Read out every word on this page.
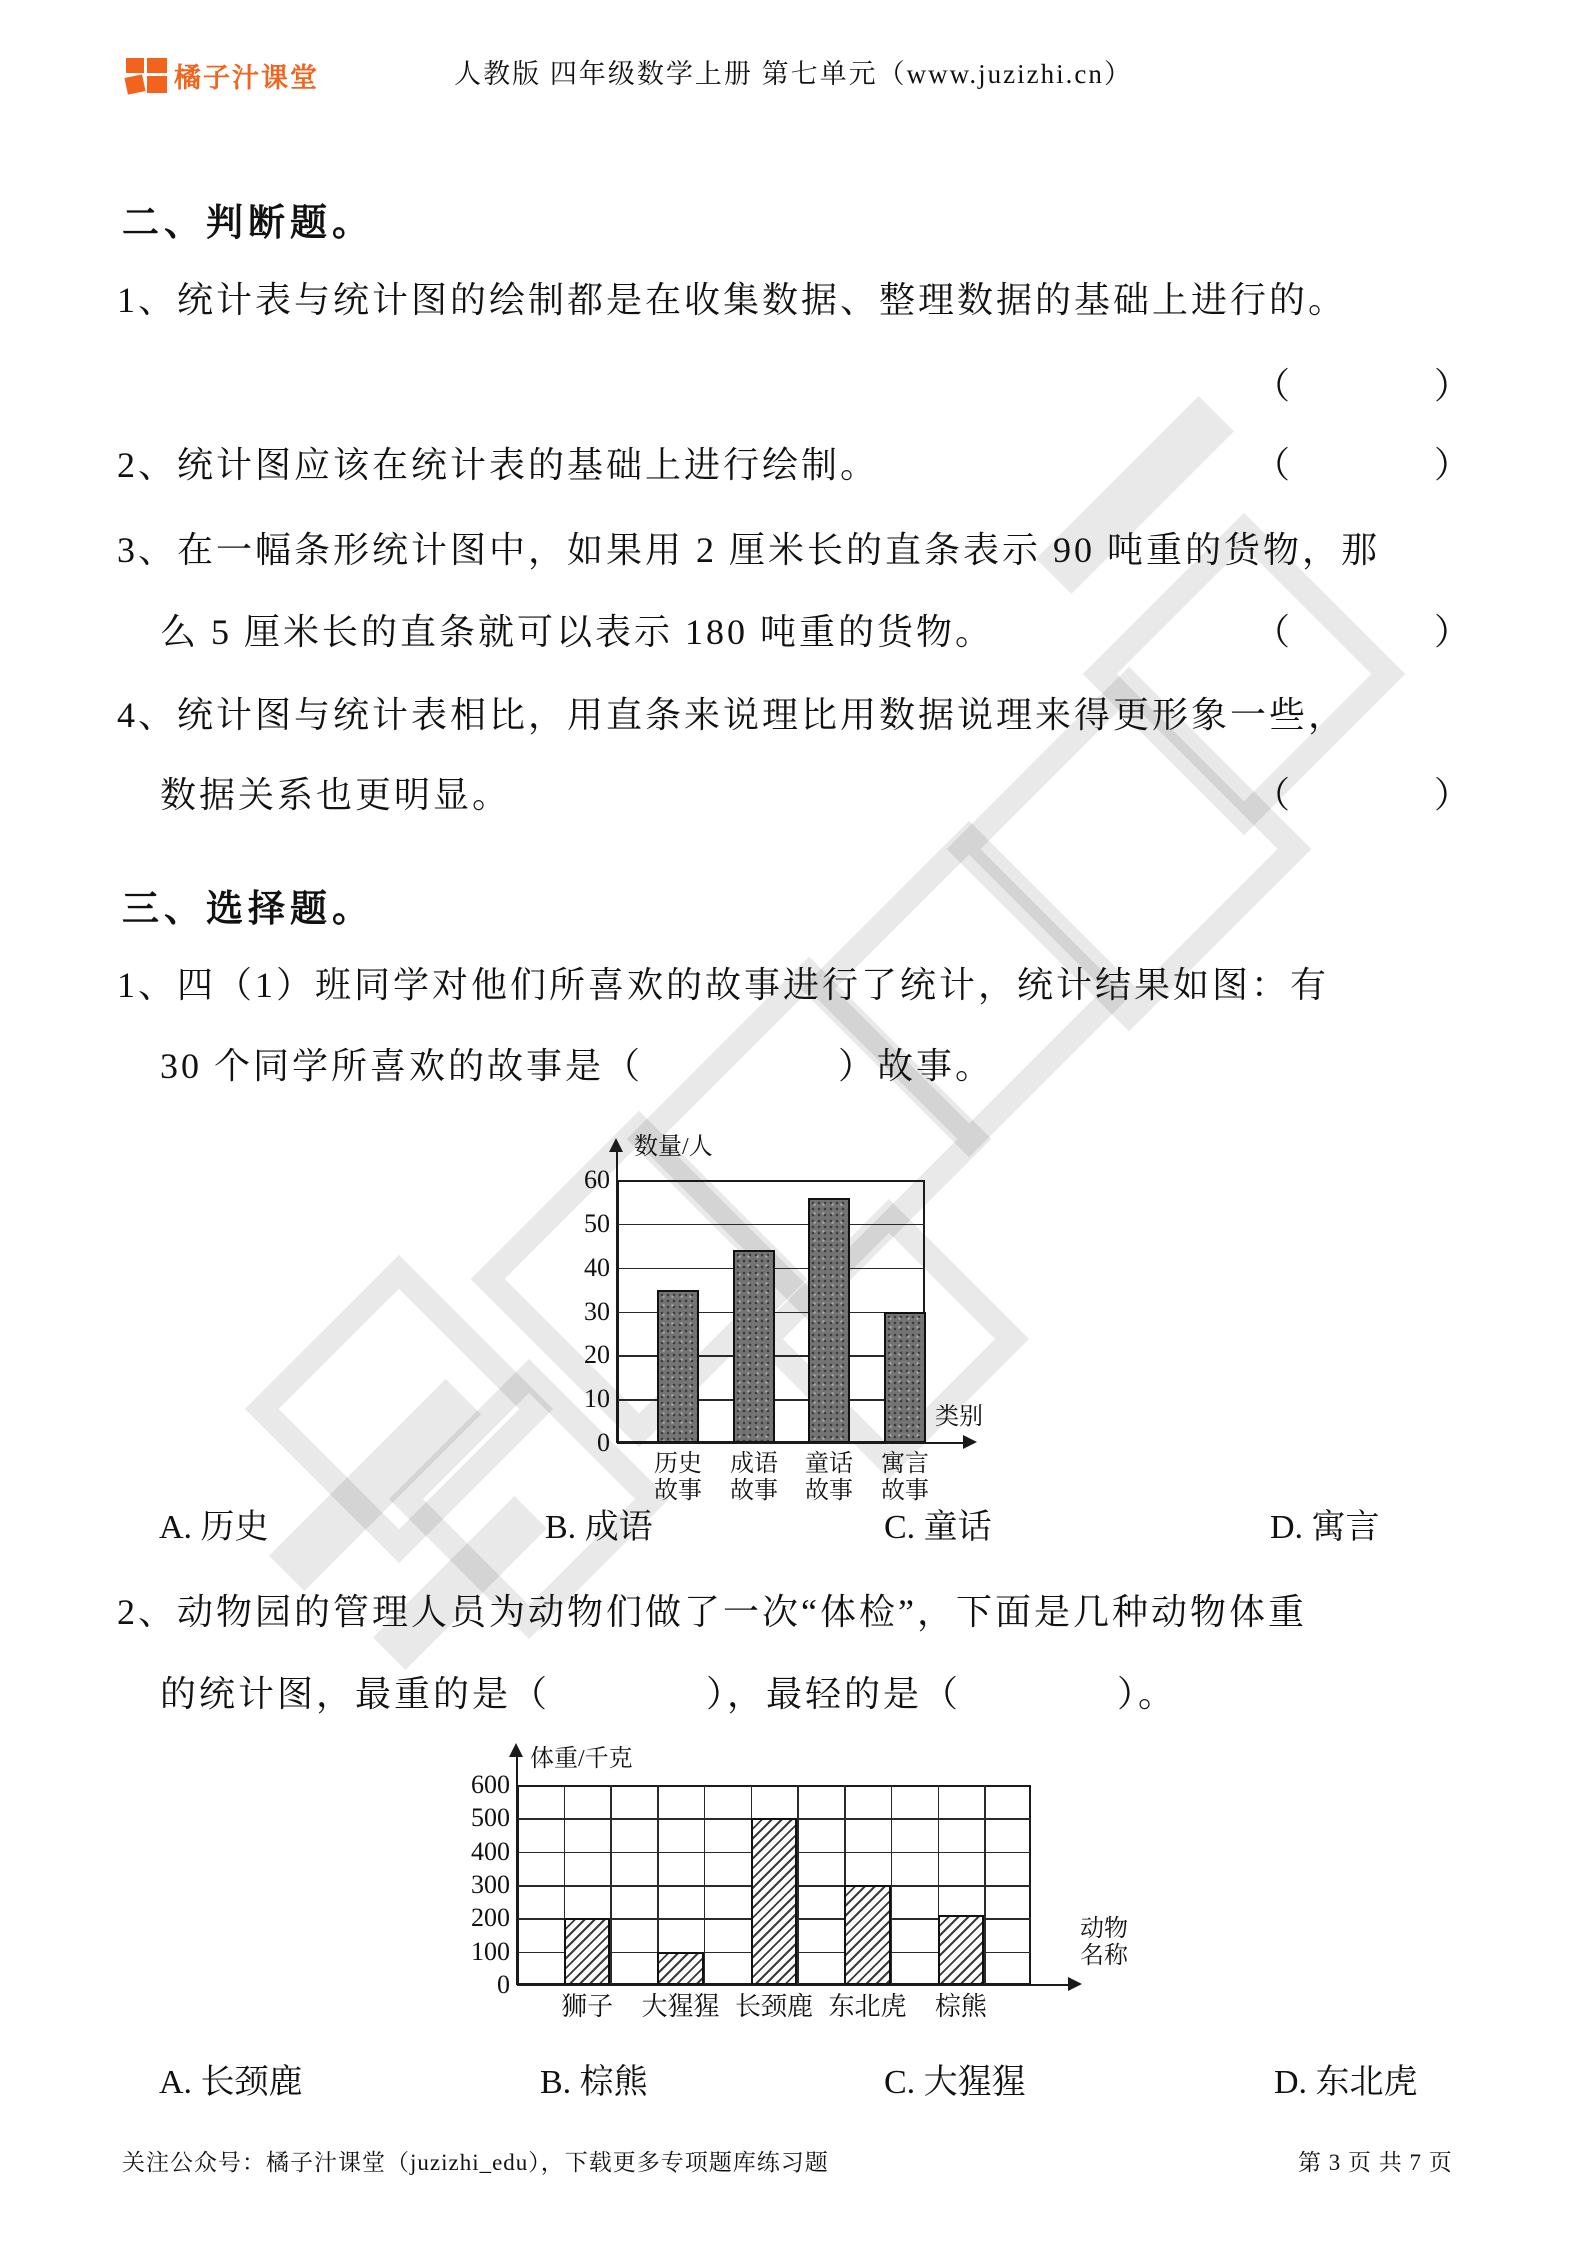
橘子汁课堂	人教版 四年级数学上册 第七单元（www.juzizhi.cn）
二、判断题。
1、统计表与统计图的绘制都是在收集数据、整理数据的基础上进行的。
（	）
2、统计图应该在统计表的基础上进行绘制。	（	）
3、在一幅条形统计图中，如果用 2 厘米长的直条表示 90 吨重的货物，那
么 5 厘米长的直条就可以表示 180 吨重的货物。	（	）
4、统计图与统计表相比，用直条来说理比用数据说理来得更形象一些，
数据关系也更明显。	（	）
三、选择题。
1、四（1）班同学对他们所喜欢的故事进行了统计，统计结果如图：有
30 个同学所喜欢的故事是（　　　　　）故事。
60
50
40
30
20
10
0
历史
故事
成语
故事
童话
故事
寓言
故事
数量/人
类别
A. 历史	B. 成语	C. 童话	D. 寓言
2、动物园的管理人员为动物们做了一次“体检”，下面是几种动物体重
的统计图，最重的是（　　　　），最轻的是（　　　　）。
600
500
400
300
200
100
0
狮子	大猩猩 长颈鹿 东北虎	棕熊
体重/千克
动物
名称
A. 长颈鹿	B. 棕熊	C. 大猩猩	D. 东北虎
关注公众号：橘子汁课堂（juzizhi_edu），下载更多专项题库练习题	第 3 页 共 7 页
